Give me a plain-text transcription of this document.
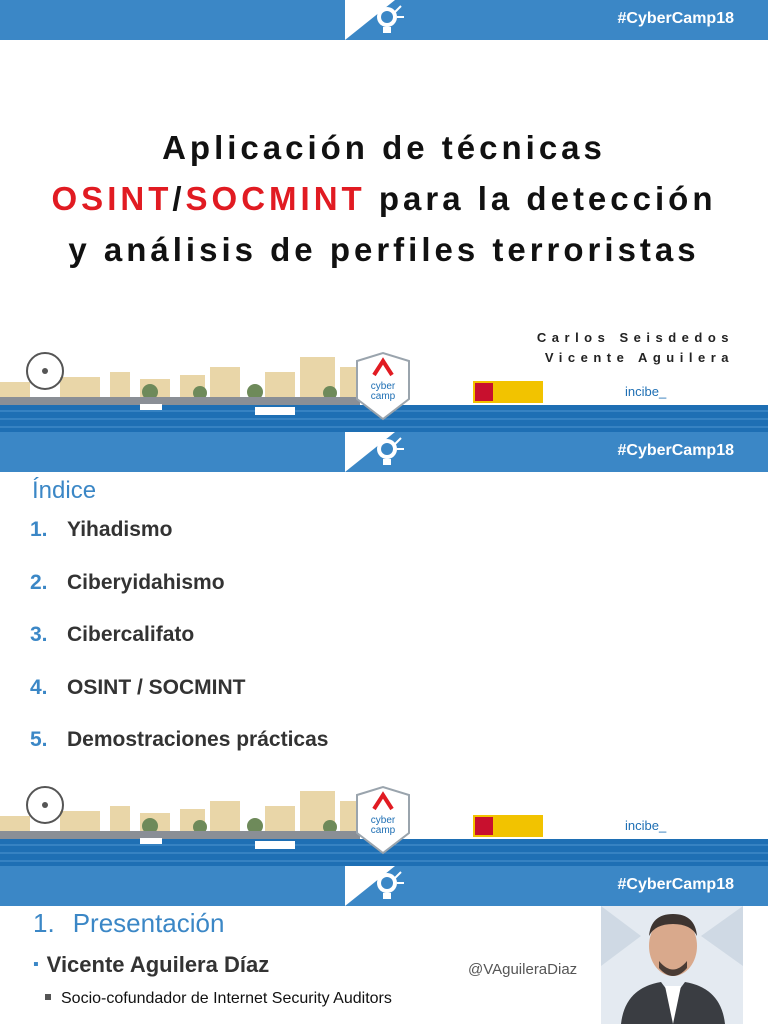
#CyberCamp18
Aplicación de técnicas
OSINT/SOCMINT para la detección
y análisis de perfiles terroristas
Carlos Seisdedos
Vicente Aguilera
cyber
camp	incibe_
#CyberCamp18
Índice
1. Yihadismo
2. Ciberyidahismo
3. Cibercalifato
4. OSINT / SOCMINT
5. Demostraciones prácticas
cyber
camp	incibe_
#CyberCamp18
1. Presentación
▪ Vicente Aguilera Díaz	@VAguileraDiaz
Socio-cofundador de Internet Security Auditors
